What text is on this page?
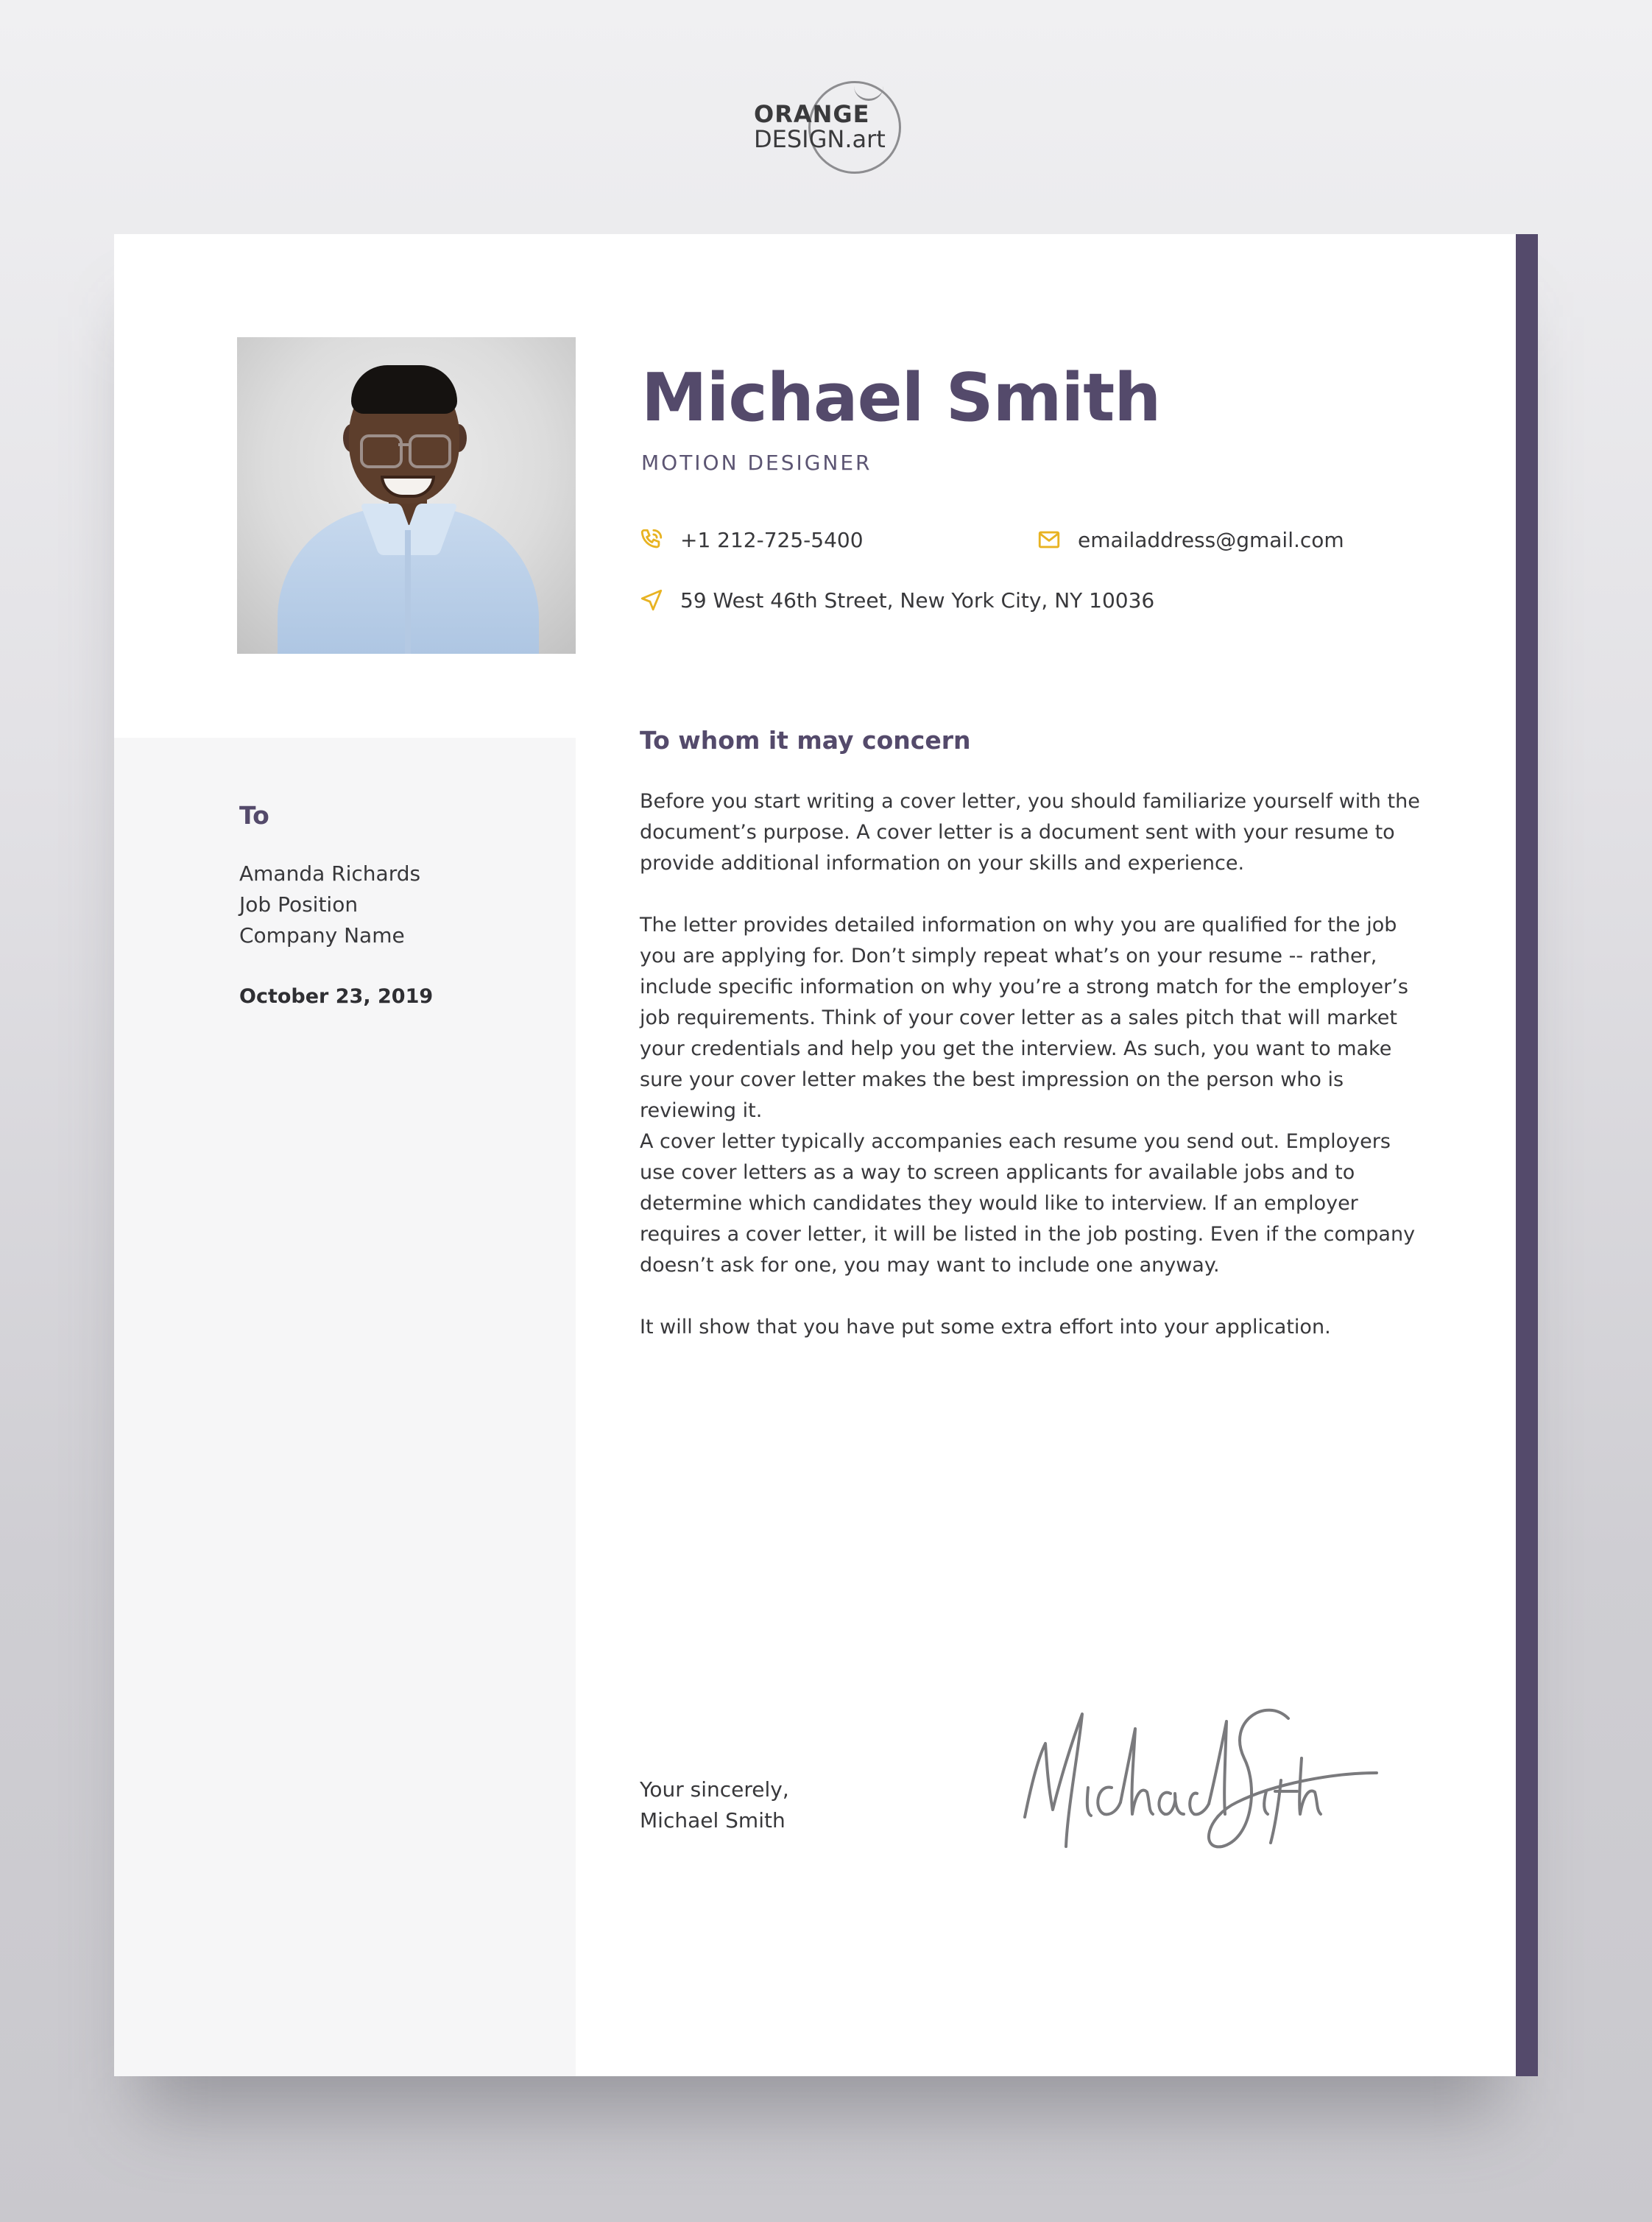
ORANGE
DESIGN.art
Michael Smith
MOTION DESIGNER
+1 212-725-5400	emailaddress@gmail.com
59 West 46th Street, New York City, NY 10036
To
Amanda Richards
Job Position
Company Name
October 23, 2019
To whom it may concern

Before you start writing a cover letter, you should familiarize yourself with the document’s purpose. A cover letter is a document sent with your resume to provide additional information on your skills and experience.

The letter provides detailed information on why you are qualified for the job you are applying for. Don’t simply repeat what’s on your resume -- rather, include specific information on why you’re a strong match for the employer’s job requirements. Think of your cover letter as a sales pitch that will market your credentials and help you get the interview. As such, you want to make sure your cover letter makes the best impression on the person who is reviewing it.

A cover letter typically accompanies each resume you send out. Employers use cover letters as a way to screen applicants for available jobs and to determine which candidates they would like to interview. If an employer requires a cover letter, it will be listed in the job posting. Even if the company doesn’t ask for one, you may want to include one anyway.

It will show that you have put some extra effort into your application.

Your sincerely,
Michael Smith
